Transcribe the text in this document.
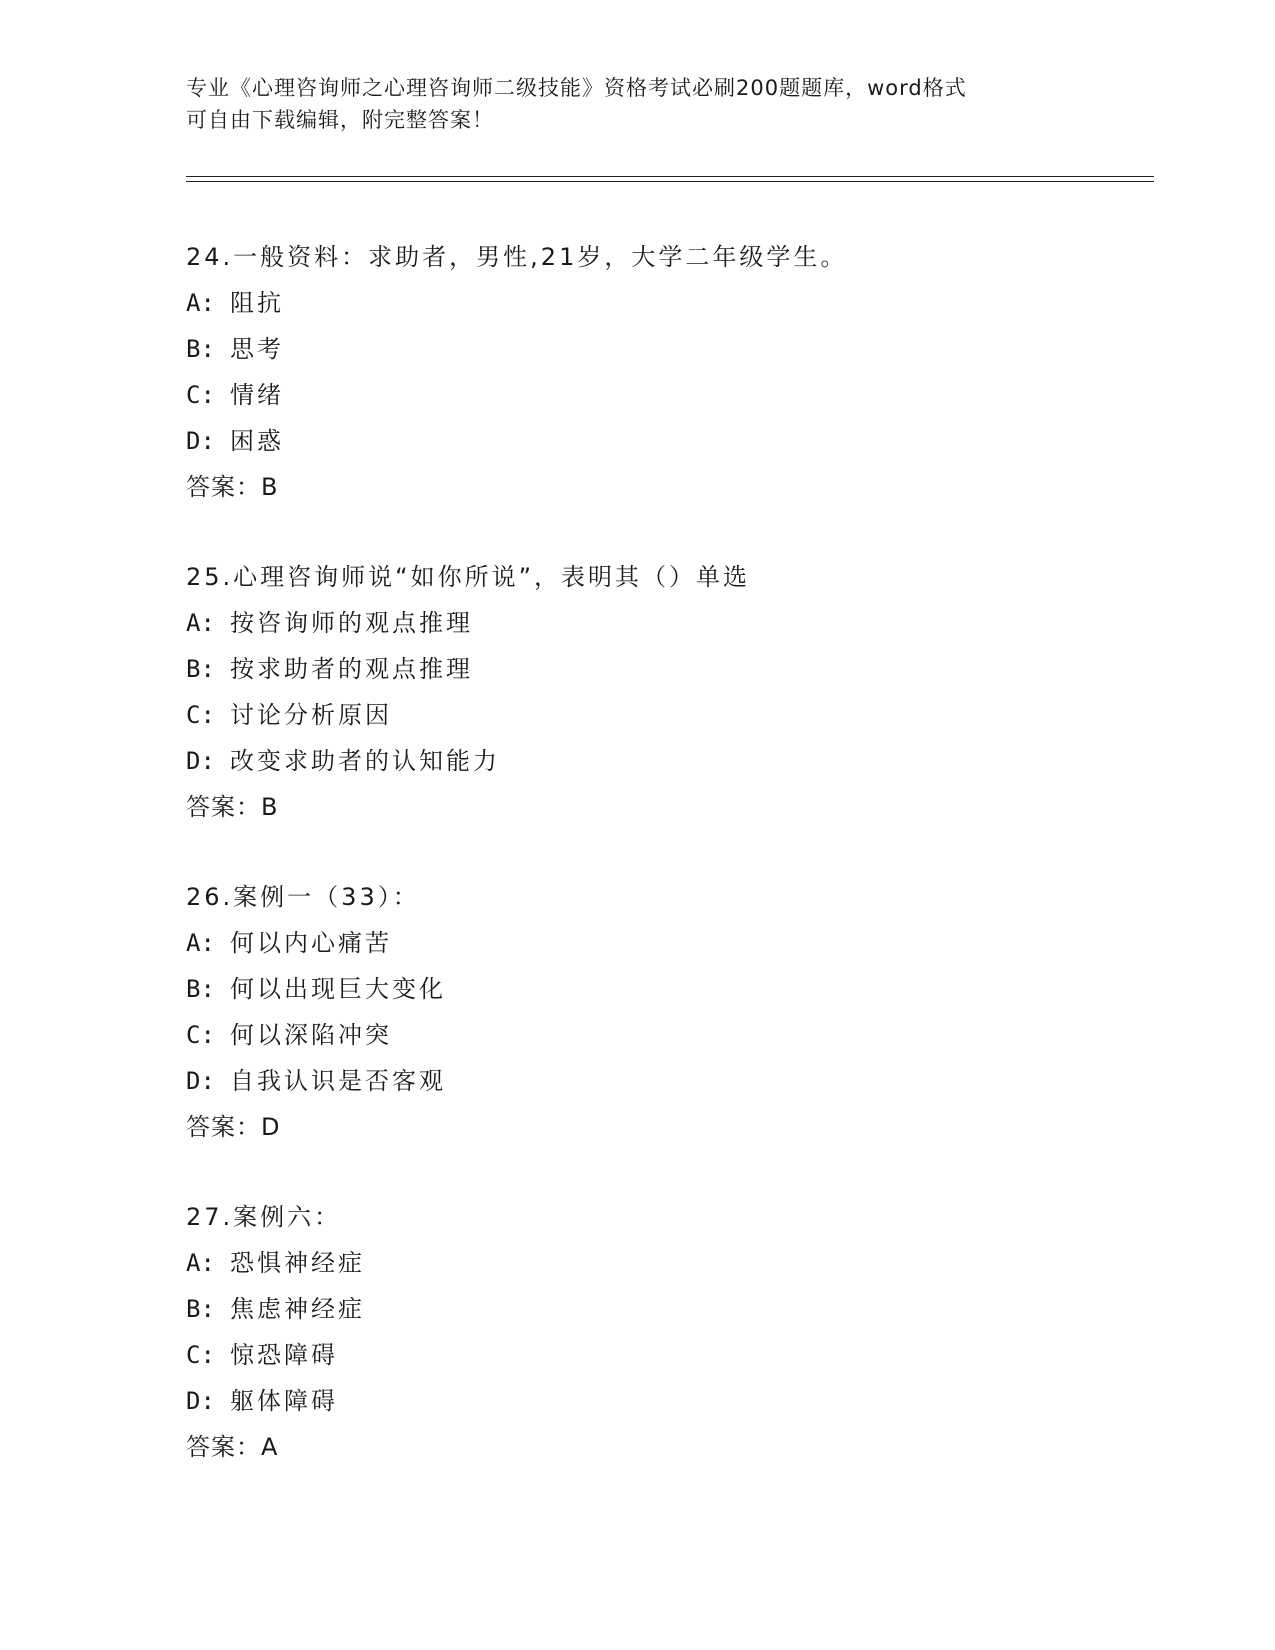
专业《心理咨询师之心理咨询师二级技能》资格考试必刷200题题库，word格式
可自由下载编辑，附完整答案！
24.一般资料：求助者，男性,21岁，大学二年级学生。
A: 阻抗
B: 思考
C: 情绪
D: 困惑
答案：B
25.心理咨询师说“如你所说”，表明其（）单选
A: 按咨询师的观点推理
B: 按求助者的观点推理
C: 讨论分析原因
D: 改变求助者的认知能力
答案：B
26.案例一（33）：
A: 何以内心痛苦
B: 何以出现巨大变化
C: 何以深陷冲突
D: 自我认识是否客观
答案：D
27.案例六：
A: 恐惧神经症
B: 焦虑神经症
C: 惊恐障碍
D: 躯体障碍
答案：A
